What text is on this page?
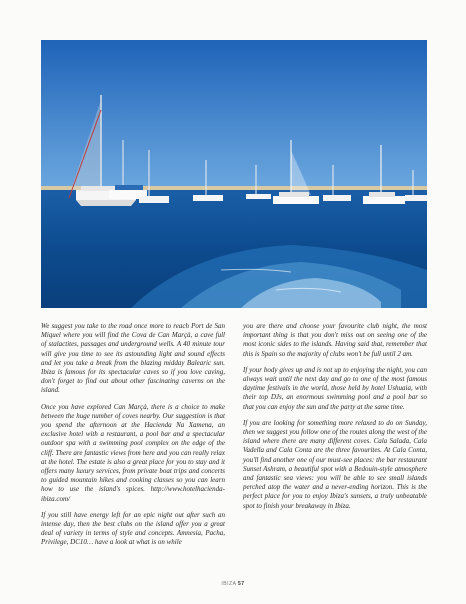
We suggest you take to the road once more to reach Port de San Miquel where you will find the Cova de Can Marçà, a cave full of stalactites, passages and underground wells. A 40 minute tour will give you time to see its astounding light and sound effects and let you take a break from the blazing midday Balearic sun. Ibiza is famous for its spectacular caves so if you love caving, don't forget to find out about other fascinating caverns on the island.

Once you have explored Can Marçà, there is a choice to make between the huge number of coves nearby. Our suggestion is that you spend the afternoon at the Hacienda Na Xamena, an exclusive hotel with a restaurant, a pool bar and a spectacular outdoor spa with a swimming pool complex on the edge of the cliff. There are fantastic views from here and you can really relax at the hotel. The estate is also a great place for you to stay and it offers many luxury services, from private boat trips and concerts to guided mountain hikes and cooking classes so you can learn how to use the island's spices. http://www.hotelhacienda-ibiza.com/

If you still have energy left for an epic night out after such an intense day, then the best clubs on the island offer you a great deal of variety in terms of style and concepts. Amnesia, Pacha, Privilege, DC10… have a look at what is on while

you are there and choose your favourite club night, the most important thing is that you don't miss out on seeing one of the most iconic sides to the islands. Having said that, remember that this is Spain so the majority of clubs won't be full until 2 am.

If your body gives up and is not up to enjoying the night, you can always wait until the next day and go to one of the most famous daytime festivals in the world, those held by hotel Ushuaia, with their top DJs, an enormous swimming pool and a pool bar so that you can enjoy the sun and the party at the same time.

If you are looking for something more relaxed to do on Sunday, then we suggest you follow one of the routes along the west of the island where there are many different coves. Cala Salada, Cala Vadella and Cala Conta are the three favourites. At Cala Conta, you'll find another one of our must-see places: the bar restaurant Sunset Ashram, a beautiful spot with a Bedouin-style atmosphere and fantastic sea views: you will be able to see small islands perched atop the water and a never-ending horizon. This is the perfect place for you to enjoy Ibiza's sunsets, a truly unbeatable spot to finish your breakaway in Ibiza.

IBIZA 57
